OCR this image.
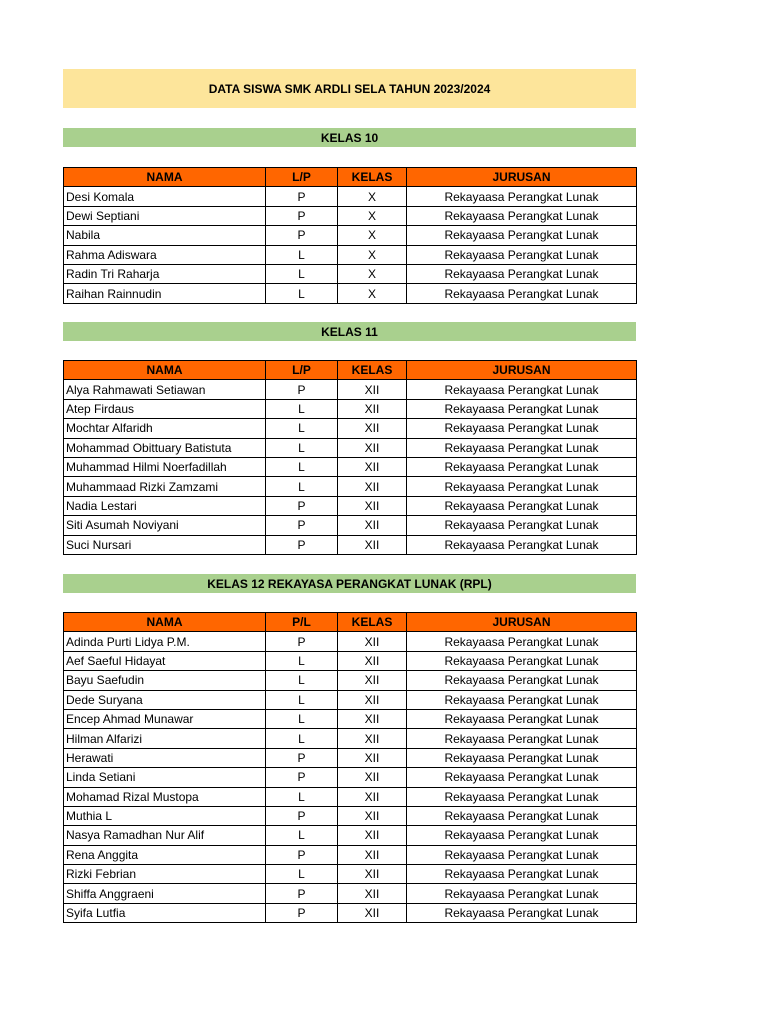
DATA SISWA SMK ARDLI SELA TAHUN 2023/2024
KELAS 10
NAMA	L/P	KELAS	JURUSAN
Desi Komala	P	X	Rekayaasa Perangkat Lunak
Dewi Septiani	P	X	Rekayaasa Perangkat Lunak
Nabila	P	X	Rekayaasa Perangkat Lunak
Rahma Adiswara	L	X	Rekayaasa Perangkat Lunak
Radin Tri Raharja	L	X	Rekayaasa Perangkat Lunak
Raihan Rainnudin	L	X	Rekayaasa Perangkat Lunak
KELAS 11
NAMA	L/P	KELAS	JURUSAN
Alya Rahmawati Setiawan	P	XII	Rekayaasa Perangkat Lunak
Atep Firdaus	L	XII	Rekayaasa Perangkat Lunak
Mochtar Alfaridh	L	XII	Rekayaasa Perangkat Lunak
Mohammad Obittuary Batistuta	L	XII	Rekayaasa Perangkat Lunak
Muhammad Hilmi Noerfadillah	L	XII	Rekayaasa Perangkat Lunak
Muhammaad Rizki Zamzami	L	XII	Rekayaasa Perangkat Lunak
Nadia Lestari	P	XII	Rekayaasa Perangkat Lunak
Siti Asumah Noviyani	P	XII	Rekayaasa Perangkat Lunak
Suci Nursari	P	XII	Rekayaasa Perangkat Lunak
KELAS 12 REKAYASA PERANGKAT LUNAK (RPL)
NAMA	P/L	KELAS	JURUSAN
Adinda Purti Lidya P.M.	P	XII	Rekayaasa Perangkat Lunak
Aef Saeful Hidayat	L	XII	Rekayaasa Perangkat Lunak
Bayu Saefudin	L	XII	Rekayaasa Perangkat Lunak
Dede Suryana	L	XII	Rekayaasa Perangkat Lunak
Encep Ahmad Munawar	L	XII	Rekayaasa Perangkat Lunak
Hilman Alfarizi	L	XII	Rekayaasa Perangkat Lunak
Herawati	P	XII	Rekayaasa Perangkat Lunak
Linda Setiani	P	XII	Rekayaasa Perangkat Lunak
Mohamad Rizal Mustopa	L	XII	Rekayaasa Perangkat Lunak
Muthia L	P	XII	Rekayaasa Perangkat Lunak
Nasya Ramadhan Nur Alif	L	XII	Rekayaasa Perangkat Lunak
Rena Anggita	P	XII	Rekayaasa Perangkat Lunak
Rizki Febrian	L	XII	Rekayaasa Perangkat Lunak
Shiffa Anggraeni	P	XII	Rekayaasa Perangkat Lunak
Syifa Lutfia	P	XII	Rekayaasa Perangkat Lunak
